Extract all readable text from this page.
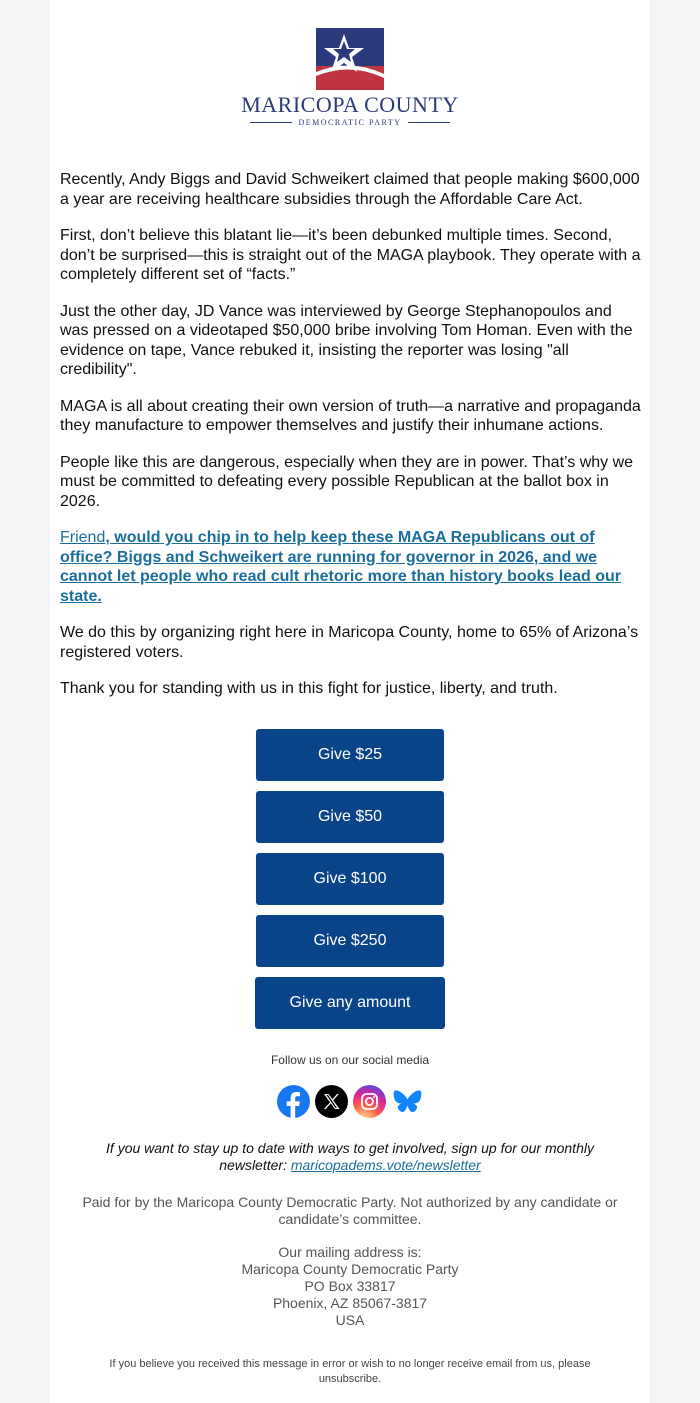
MARICOPA COUNTY
DEMOCRATIC PARTY

Recently, Andy Biggs and David Schweikert claimed that people making $600,000 a year are receiving healthcare subsidies through the Affordable Care Act.

First, don’t believe this blatant lie—it’s been debunked multiple times. Second, don’t be surprised—this is straight out of the MAGA playbook. They operate with a completely different set of “facts.”

Just the other day, JD Vance was interviewed by George Stephanopoulos and was pressed on a videotaped $50,000 bribe involving Tom Homan. Even with the evidence on tape, Vance rebuked it, insisting the reporter was losing "all credibility".

MAGA is all about creating their own version of truth—a narrative and propaganda they manufacture to empower themselves and justify their inhumane actions.

People like this are dangerous, especially when they are in power. That’s why we must be committed to defeating every possible Republican at the ballot box in 2026.

Friend, would you chip in to help keep these MAGA Republicans out of office? Biggs and Schweikert are running for governor in 2026, and we cannot let people who read cult rhetoric more than history books lead our state.

We do this by organizing right here in Maricopa County, home to 65% of Arizona’s registered voters.

Thank you for standing with us in this fight for justice, liberty, and truth.

Give $25
Give $50
Give $100
Give $250
Give any amount
Follow us on our social media
If you want to stay up to date with ways to get involved, sign up for our monthly newsletter: maricopadems.vote/newsletter
Paid for by the Maricopa County Democratic Party. Not authorized by any candidate or candidate’s committee.
Our mailing address is:
Maricopa County Democratic Party
PO Box 33817
Phoenix, AZ 85067-3817
USA
If you believe you received this message in error or wish to no longer receive email from us, please unsubscribe.
